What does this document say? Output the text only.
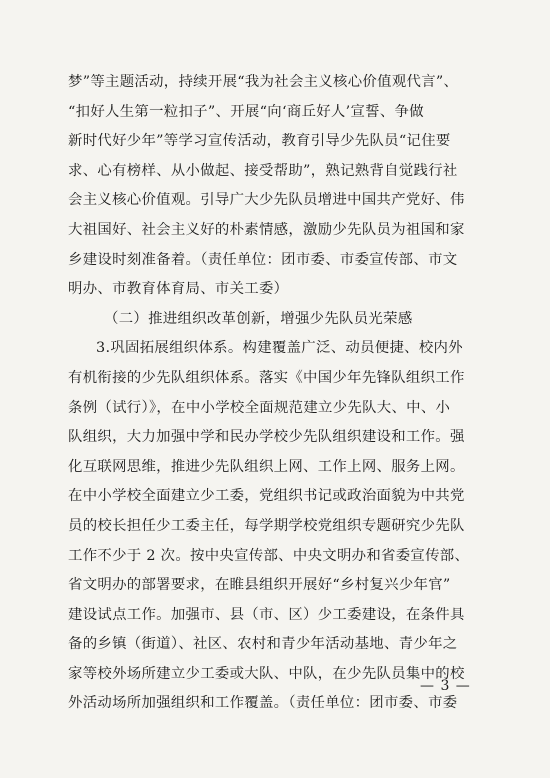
梦”等主题活动，持续开展“我为社会主义核心价值观代言”、
“扣好人生第一粒扣子”、开展“向‘商丘好人’宣誓、争做
新时代好少年”等学习宣传活动，教育引导少先队员“记住要
求、心有榜样、从小做起、接受帮助”，熟记熟背自觉践行社
会主义核心价值观。引导广大少先队员增进中国共产党好、伟
大祖国好、社会主义好的朴素情感，激励少先队员为祖国和家
乡建设时刻准备着。（责任单位：团市委、市委宣传部、市文
明办、市教育体育局、市关工委）
（二）推进组织改革创新，增强少先队员光荣感
3.巩固拓展组织体系。构建覆盖广泛、动员便捷、校内外
有机衔接的少先队组织体系。落实《中国少年先锋队组织工作
条例（试行）》，在中小学校全面规范建立少先队大、中、小
队组织，大力加强中学和民办学校少先队组织建设和工作。强
化互联网思维，推进少先队组织上网、工作上网、服务上网。
在中小学校全面建立少工委，党组织书记或政治面貌为中共党
员的校长担任少工委主任，每学期学校党组织专题研究少先队
工作不少于 2 次。按中央宣传部、中央文明办和省委宣传部、
省文明办的部署要求，在睢县组织开展好“乡村复兴少年官”
建设试点工作。加强市、县（市、区）少工委建设，在条件具
备的乡镇（街道）、社区、农村和青少年活动基地、青少年之
家等校外场所建立少工委或大队、中队，在少先队员集中的校
外活动场所加强组织和工作覆盖。（责任单位：团市委、市委
— 3 —
